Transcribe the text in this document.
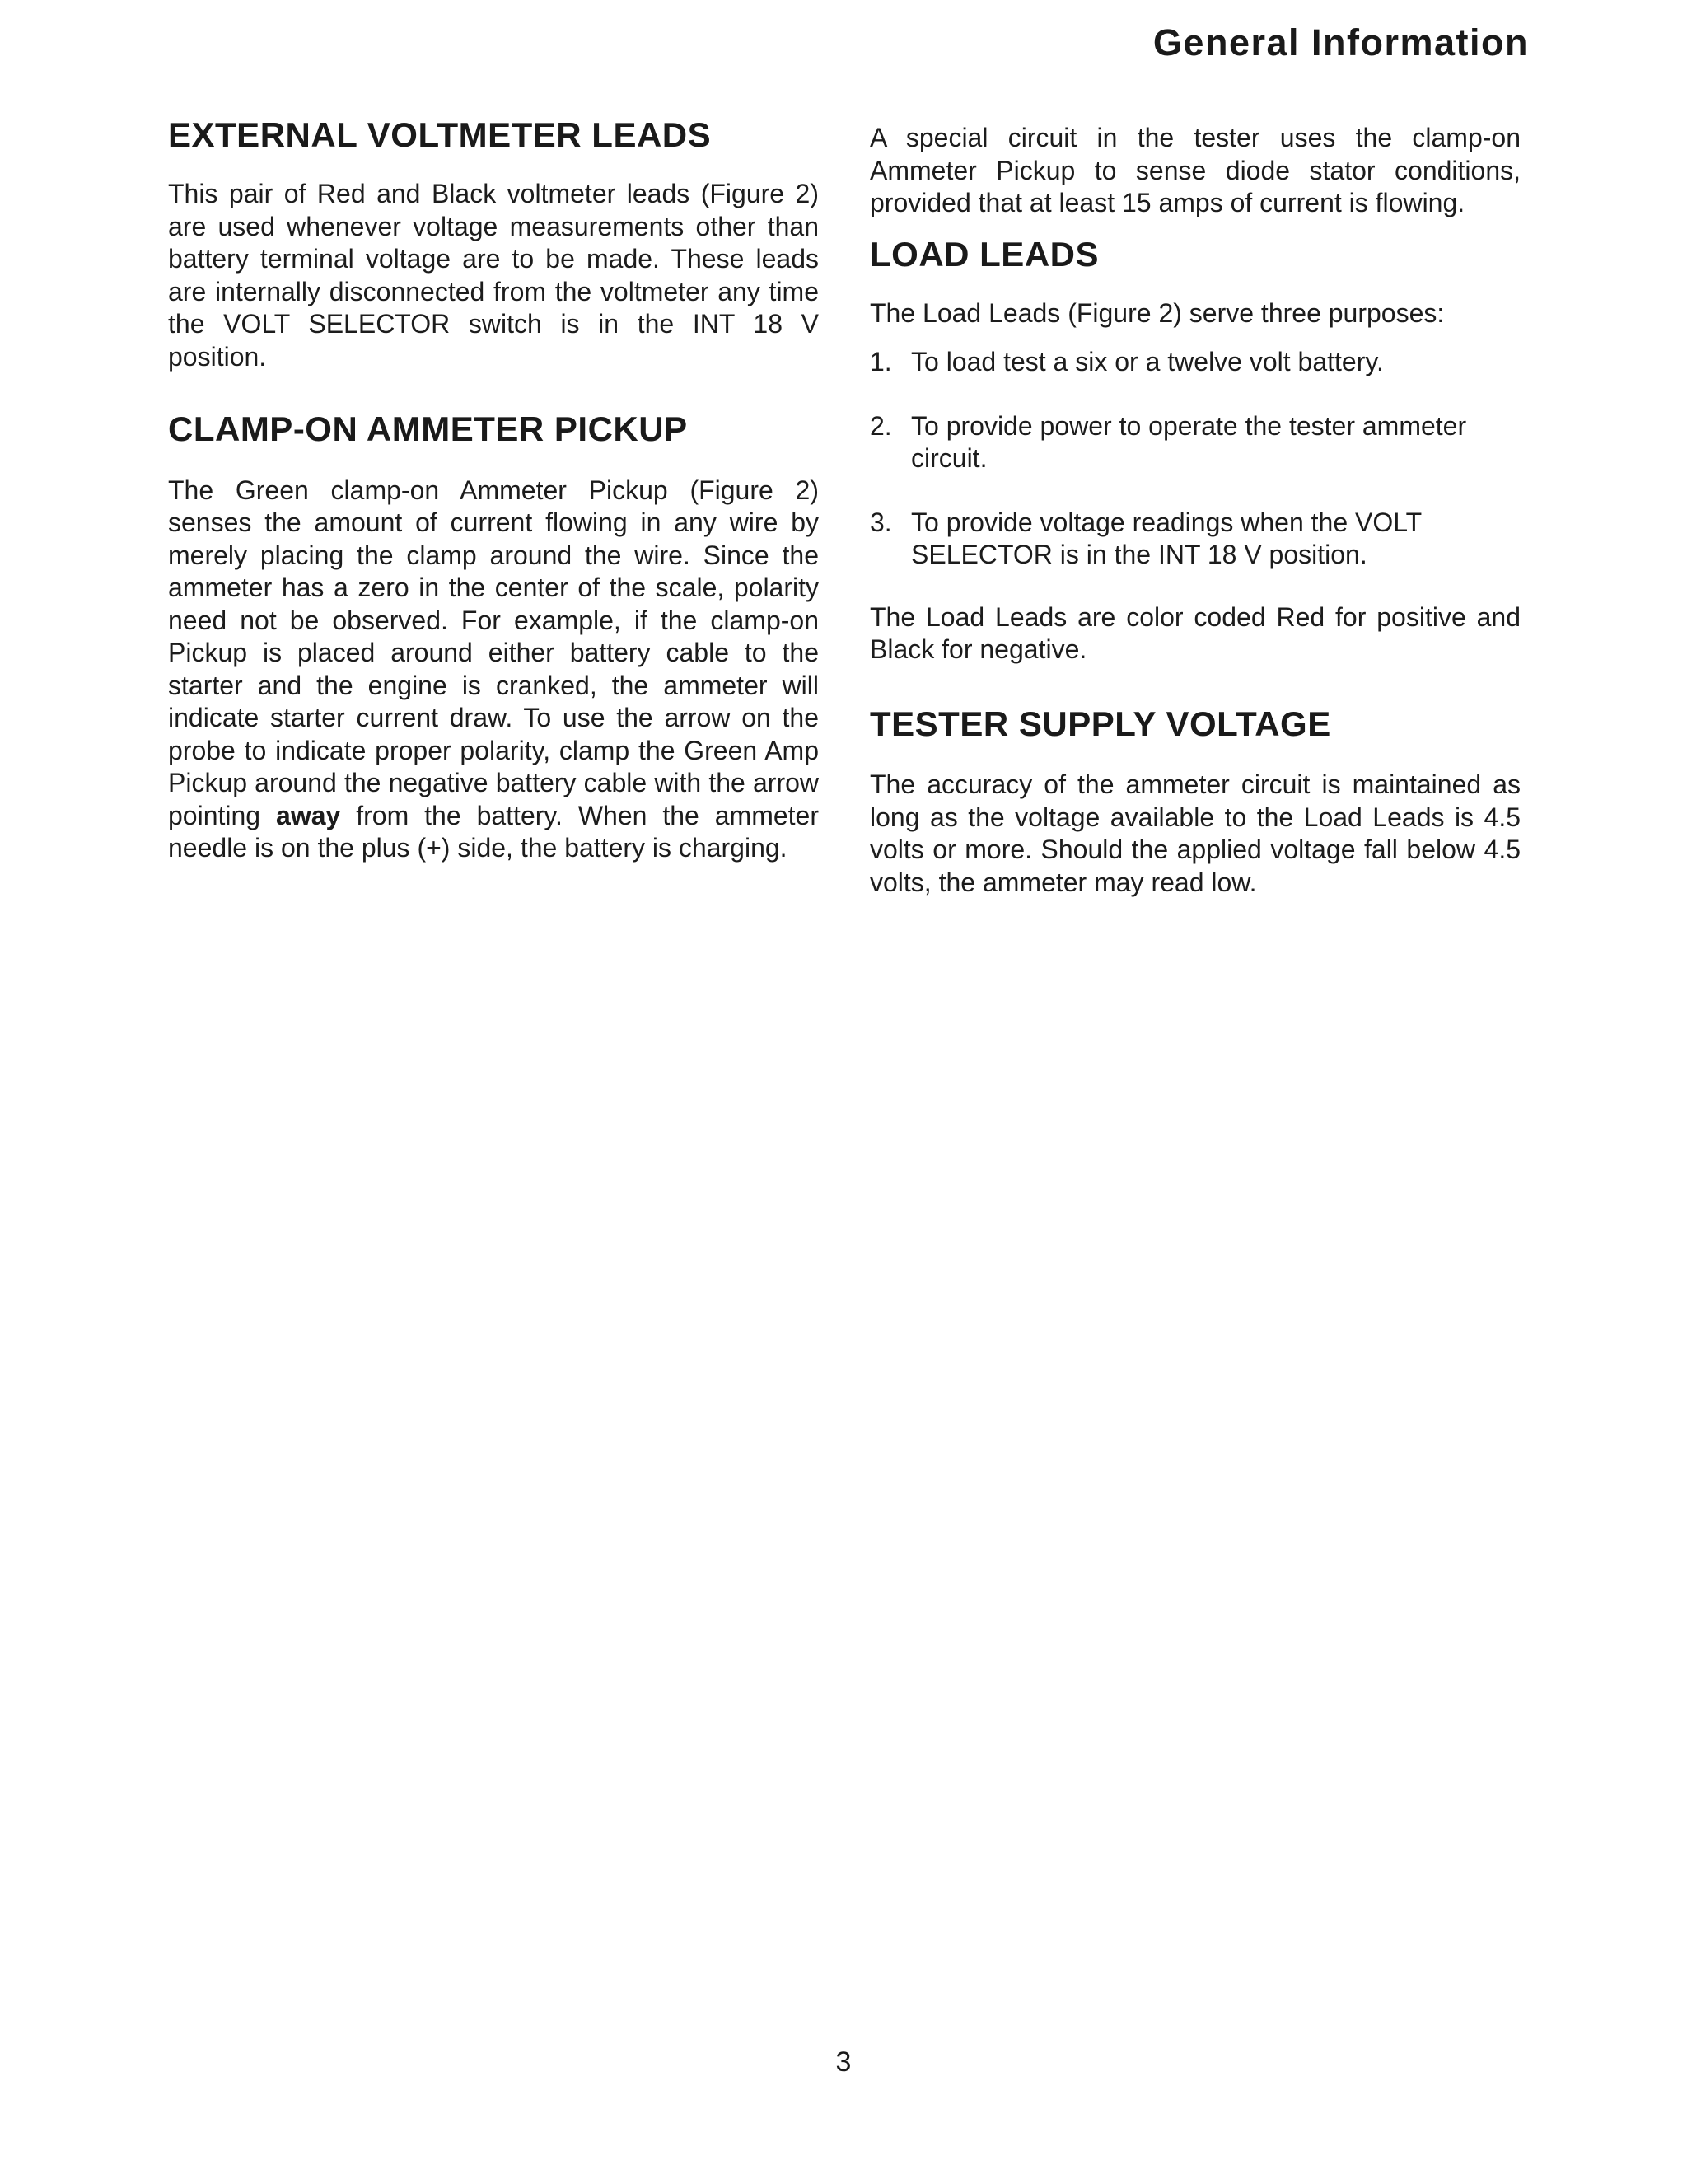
General Information
EXTERNAL VOLTMETER LEADS

This pair of Red and Black voltmeter leads (Figure 2) are used whenever voltage measurements other than battery terminal voltage are to be made. These leads are internally disconnected from the voltmeter any time the VOLT SELECTOR switch is in the INT 18 V position.

CLAMP-ON AMMETER PICKUP

The Green clamp-on Ammeter Pickup (Figure 2) senses the amount of current flowing in any wire by merely placing the clamp around the wire. Since the ammeter has a zero in the center of the scale, polarity need not be observed. For example, if the clamp-on Pickup is placed around either battery cable to the starter and the engine is cranked, the ammeter will indicate starter current draw. To use the arrow on the probe to indicate proper polarity, clamp the Green Amp Pickup around the negative battery cable with the arrow pointing away from the battery. When the ammeter needle is on the plus (+) side, the battery is charging.

A special circuit in the tester uses the clamp-on Ammeter Pickup to sense diode stator conditions, provided that at least 15 amps of current is flowing.

LOAD LEADS

The Load Leads (Figure 2) serve three purposes:

1. To load test a six or a twelve volt battery.
2. To provide power to operate the tester ammeter circuit.
3. To provide voltage readings when the VOLT SELECTOR is in the INT 18 V position.

The Load Leads are color coded Red for positive and Black for negative.

TESTER SUPPLY VOLTAGE

The accuracy of the ammeter circuit is maintained as long as the voltage available to the Load Leads is 4.5 volts or more. Should the applied voltage fall below 4.5 volts, the ammeter may read low.

3
